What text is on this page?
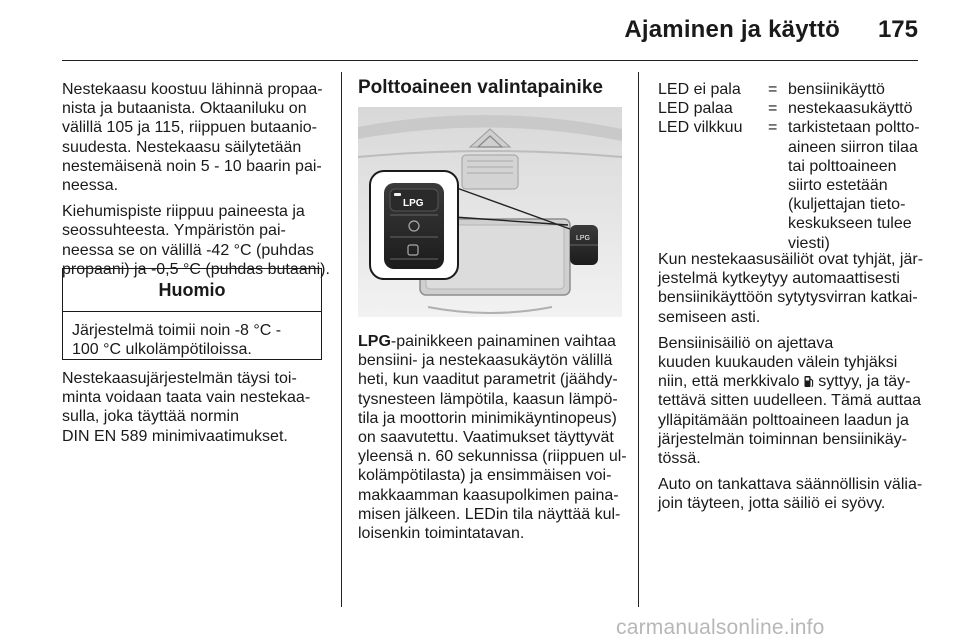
Ajaminen ja käyttö 175

Nestekaasu koostuu lähinnä propaa-
nista ja butaanista. Oktaaniluku on
välillä 105 ja 115, riippuen butaanio-
suudesta. Nestekaasu säilytetään
nestemäisenä noin 5 - 10 baarin pai-
neessa.

Kiehumispiste riippuu paineesta ja
seossuhteesta. Ympäristön pai-
neessa se on välillä -42 °C (puhdas
propaani) ja -0,5 °C (puhdas butaani).

Huomio
Järjestelmä toimii noin -8 °C -
100 °C ulkolämpötiloissa.

Nestekaasujärjestelmän täysi toi-
minta voidaan taata vain nestekaa-
sulla, joka täyttää normin
DIN EN 589 minimivaatimukset.

Polttoaineen valintapainike
LPG
LPG

LPG-painikkeen painaminen vaihtaa
bensiini- ja nestekaasukäytön välillä
heti, kun vaaditut parametrit (jäähdy-
tysnesteen lämpötila, kaasun lämpö-
tila ja moottorin minimikäyntinopeus)
on saavutettu. Vaatimukset täyttyvät
yleensä n. 60 sekunnissa (riippuen ul-
kolämpötilasta) ja ensimmäisen voi-
makkaamman kaasupolkimen paina-
misen jälkeen. LEDin tila näyttää kul-
loisenkin toimintatavan.

LED ei pala = bensiinikäyttö
LED palaa = nestekaasukäyttö
LED vilkkuu = tarkistetaan poltto-
aineen siirron tilaa
tai polttoaineen
siirto estetään
(kuljettajan tieto-
keskukseen tulee
viesti)

Kun nestekaasusäiliöt ovat tyhjät, jär-
jestelmä kytkeytyy automaattisesti
bensiinikäyttöön sytytysvirran katkai-
semiseen asti.

Bensiinisäiliö on ajettava
kuuden kuukauden välein tyhjäksi
niin, että merkkivalo syttyy, ja täy-
tettävä sitten uudelleen. Tämä auttaa
ylläpitämään polttoaineen laadun ja
järjestelmän toiminnan bensiinikäy-
tössä.

Auto on tankattava säännöllisin välia-
join täyteen, jotta säiliö ei syövy.

carmanualsonline.info
